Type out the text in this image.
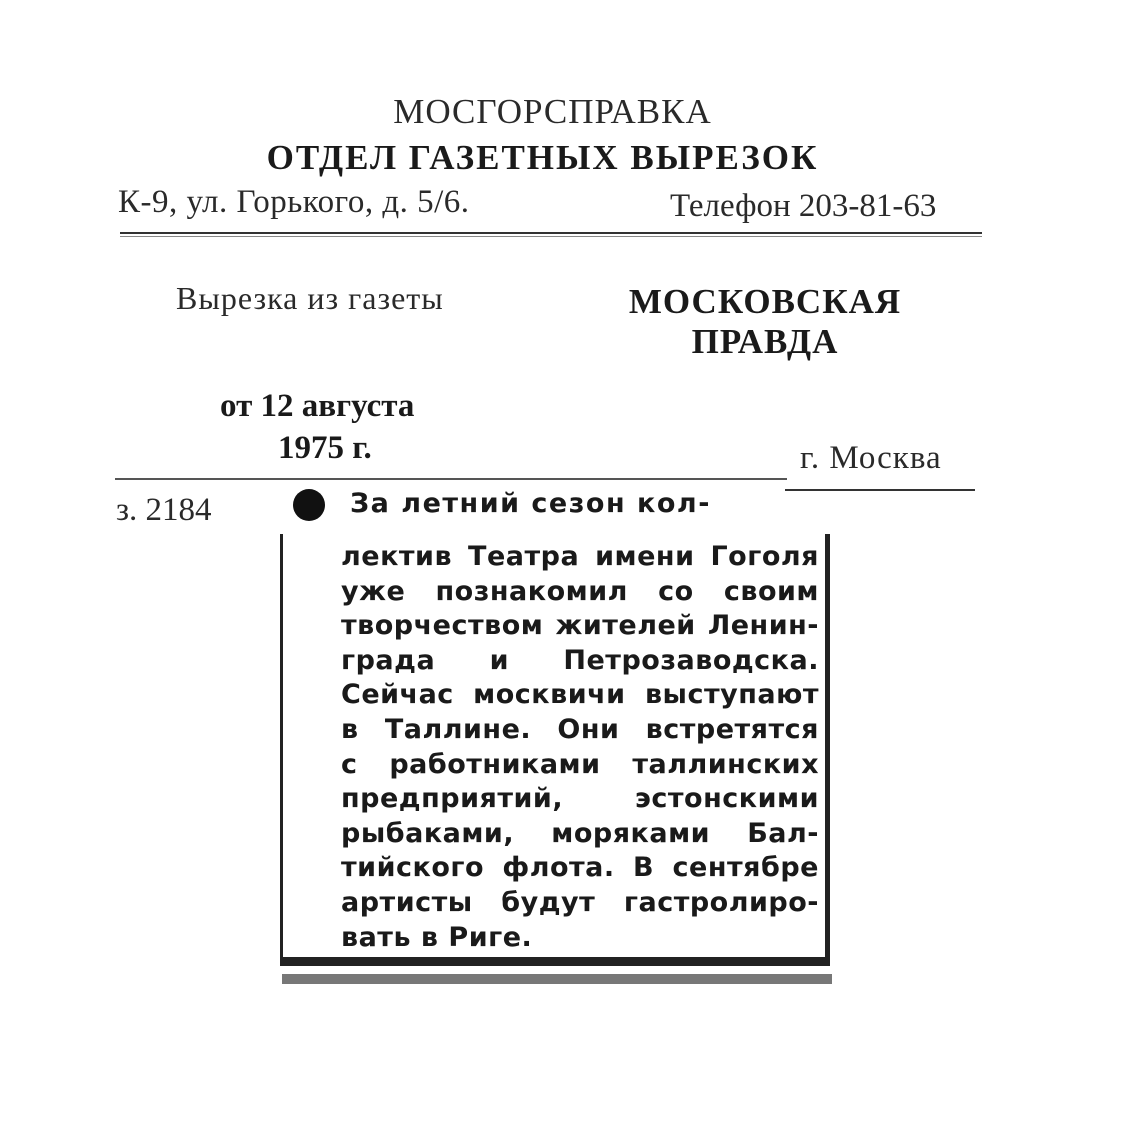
МОСГОРСПРАВКА
ОТДЕЛ ГАЗЕТНЫХ ВЫРЕЗОК
К-9, ул. Горького, д. 5/6.	Телефон 203-81-63
Вырезка из газеты	МОСКОВСКАЯ ПРАВДА
от 12 августа
1975 г.	г. Москва
з. 2184	За летний сезон кол-
лектив Театра имени Гоголя
уже познакомил со своим
творчеством жителей Ленин-
града и Петрозаводска.
Сейчас москвичи выступают
в Таллине. Они встретятся
с работниками таллинских
предприятий, эстонскими
рыбаками, моряками Бал-
тийского флота. В сентябре
артисты будут гастролиро-
вать в Риге.
